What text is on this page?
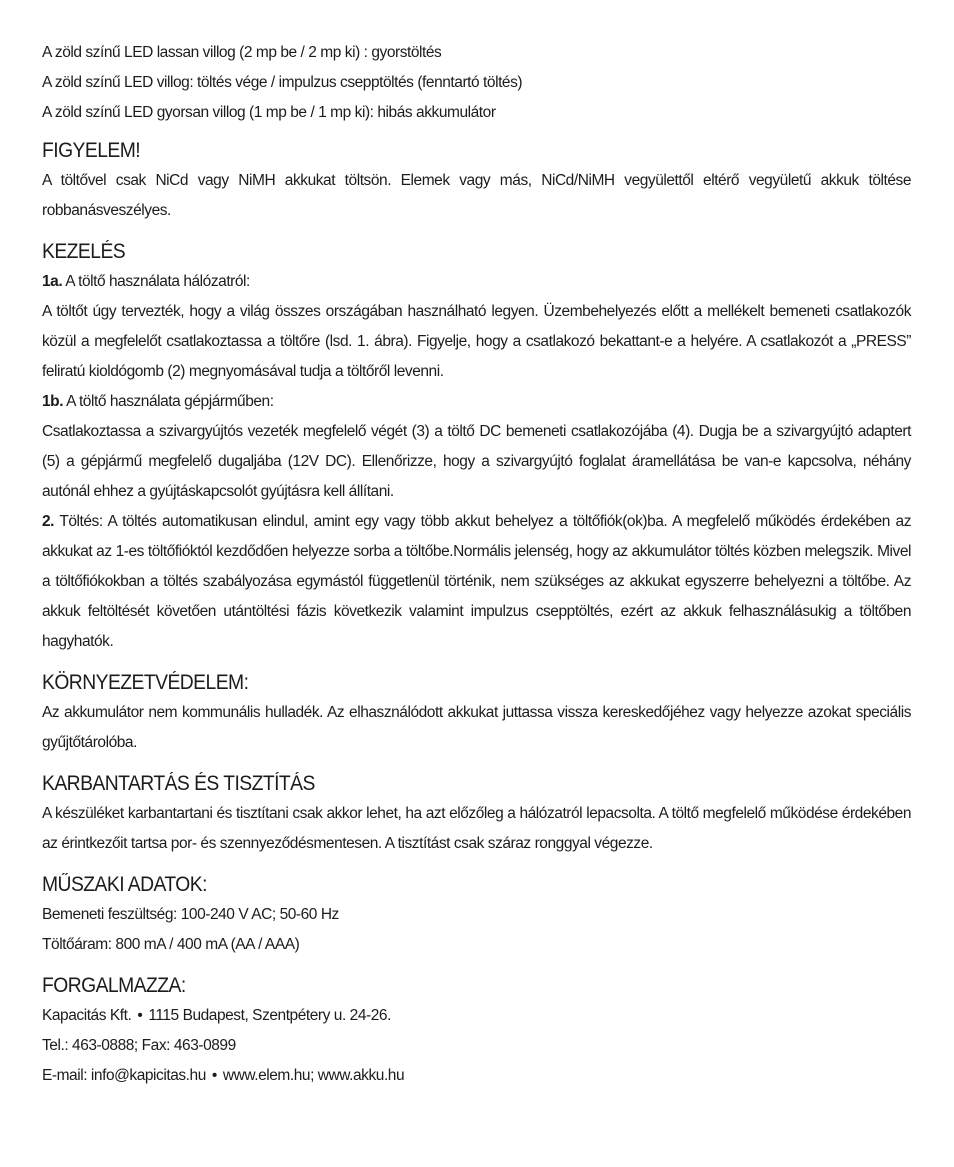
A zöld színű LED lassan villog (2 mp be / 2 mp ki) : gyorstöltés
A zöld színű LED villog: töltés vége / impulzus csepptöltés (fenntartó töltés)
A zöld színű LED gyorsan villog (1 mp be / 1 mp ki): hibás akkumulátor
FIGYELEM!

A töltővel csak NiCd vagy NiMH akkukat töltsön. Elemek vagy más, NiCd/NiMH vegyülettől eltérő vegyületű akkuk töltése robbanásveszélyes.

KEZELÉS
1a. A töltő használata hálózatról:

A töltőt úgy tervezték, hogy a világ összes országában használható legyen. Üzembehelyezés előtt a mellékelt bemeneti csatlakozók közül a megfelelőt csatlakoztassa a töltőre (lsd. 1. ábra). Figyelje, hogy a csatlakozó bekattant-e a helyére. A csatlakozót a „PRESS” feliratú kioldógomb (2) megnyomásával tudja a töltőről levenni.

1b. A töltő használata gépjárműben:

Csatlakoztassa a szivargyújtós vezeték megfelelő végét (3) a töltő DC bemeneti csatlakozójába (4). Dugja be a szivargyújtó adaptert (5) a gépjármű megfelelő dugaljába (12V DC). Ellenőrizze, hogy a szivargyújtó foglalat áramellátása be van-e kapcsolva, néhány autónál ehhez a gyújtáskapcsolót gyújtásra kell állítani.

2. Töltés: A töltés automatikusan elindul, amint egy vagy több akkut behelyez a töltőfiók(ok)ba. A megfelelő működés érdekében az akkukat az 1-es töltőfióktól kezdődően helyezze sorba a töltőbe.Normális jelenség, hogy az akkumulátor töltés közben melegszik. Mivel a töltőfiókokban a töltés szabályozása egymástól függetlenül történik, nem szükséges az akkukat egyszerre behelyezni a töltőbe. Az akkuk feltöltését követően utántöltési fázis következik valamint impulzus csepptöltés, ezért az akkuk felhasználásukig a töltőben hagyhatók.

KÖRNYEZETVÉDELEM:

Az akkumulátor nem kommunális hulladék. Az elhasználódott akkukat juttassa vissza kereskedőjéhez vagy helyezze azokat speciális gyűjtőtárolóba.

KARBANTARTÁS ÉS TISZTÍTÁS

A készüléket karbantartani és tisztítani csak akkor lehet, ha azt előzőleg a hálózatról lepacsolta. A töltő megfelelő működése érdekében az érintkezőit tartsa por- és szennyeződésmentesen. A tisztítást csak száraz ronggyal végezze.

MŰSZAKI ADATOK:
Bemeneti feszültség: 100-240 V AC; 50-60 Hz
Töltőáram: 800 mA / 400 mA (AA / AAA)
FORGALMAZZA:
Kapacitás Kft. • 1115 Budapest, Szentpétery u. 24-26.
Tel.: 463-0888; Fax: 463-0899
E-mail: info@kapicitas.hu • www.elem.hu; www.akku.hu
